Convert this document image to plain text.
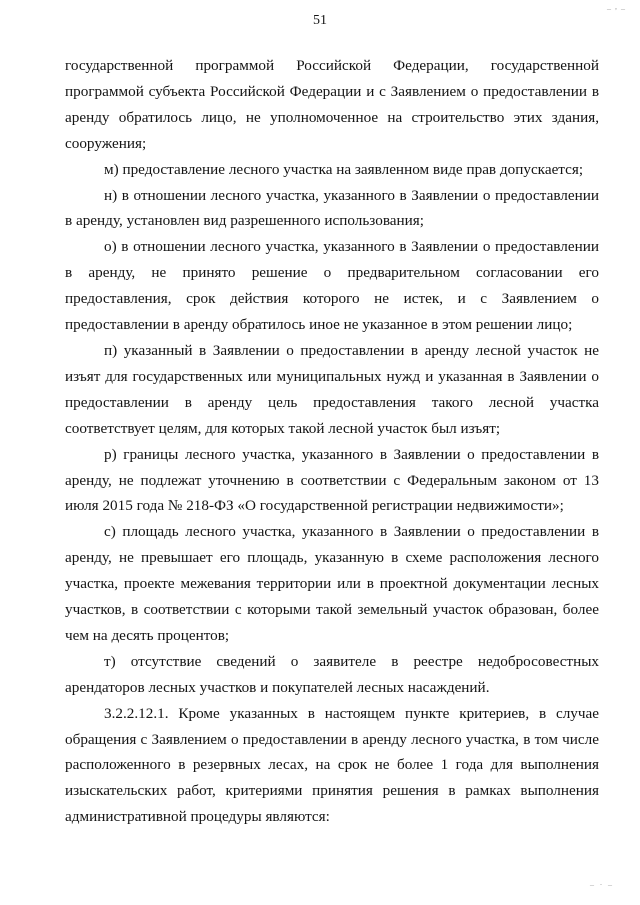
_ , _
51

государственной программой Российской Федерации, государственной программой субъекта Российской Федерации и с Заявлением о предоставлении в аренду обратилось лицо, не уполномоченное на строительство этих здания, сооружения;

м) предоставление лесного участка на заявленном виде прав допускается;

н) в отношении лесного участка, указанного в Заявлении о предоставлении в аренду, установлен вид разрешенного использования;

о) в отношении лесного участка, указанного в Заявлении о предоставлении в аренду, не принято решение о предварительном согласовании его предоставления, срок действия которого не истек, и с Заявлением о предоставлении в аренду обратилось иное не указанное в этом решении лицо;

п) указанный в Заявлении о предоставлении в аренду лесной участок не изъят для государственных или муниципальных нужд и указанная в Заявлении о предоставлении в аренду цель предоставления такого лесной участка соответствует целям, для которых такой лесной участок был изъят;

р) границы лесного участка, указанного в Заявлении о предоставлении в аренду, не подлежат уточнению в соответствии с Федеральным законом от 13 июля 2015 года № 218-ФЗ «О государственной регистрации недвижимости»;

с) площадь лесного участка, указанного в Заявлении о предоставлении в аренду, не превышает его площадь, указанную в схеме расположения лесного участка, проекте межевания территории или в проектной документации лесных участков, в соответствии с которыми такой земельный участок образован, более чем на десять процентов;

т) отсутствие сведений о заявителе в реестре недобросовестных арендаторов лесных участков и покупателей лесных насаждений.

3.2.2.12.1. Кроме указанных в настоящем пункте критериев, в случае обращения с Заявлением о предоставлении в аренду лесного участка, в том числе расположенного в резервных лесах, на срок не более 1 года для выполнения изыскательских работ, критериями принятия решения в рамках выполнения административной процедуры являются:

_ . _
